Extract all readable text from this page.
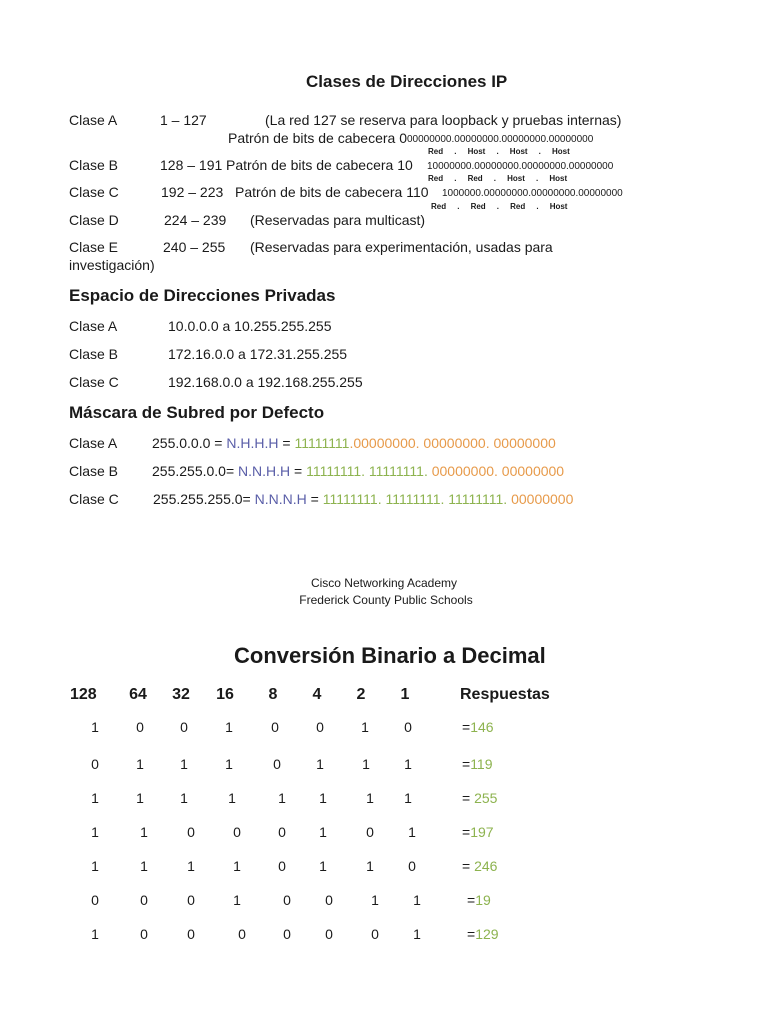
Clases de Direcciones IP
Clase A	1 – 127	(La red 127 se reserva para loopback y pruebas internas)
Patrón de bits de cabecera 0 00000000.00000000.00000000.00000000
Red     .     Host     .     Host     .     Host
Clase B	128 – 191 Patrón de bits de cabecera 10 10000000.00000000.00000000.00000000
Red     .     Red     .     Host     .     Host
Clase C	192 – 223 Patrón de bits de cabecera 110 1000000.00000000.00000000.00000000
Red     .     Red     .     Red     .     Host
Clase D	224 – 239 (Reservadas para multicast)
Clase E	240 – 255 (Reservadas para experimentación, usadas para
investigación)
Espacio de Direcciones Privadas
Clase A	10.0.0.0 a 10.255.255.255
Clase B	172.16.0.0 a 172.31.255.255
Clase C	192.168.0.0 a 192.168.255.255
Máscara de Subred por Defecto
Clase A 255.0.0.0 = N.H.H.H = 11111111.00000000. 00000000. 00000000
Clase B 255.255.0.0= N.N.H.H = 11111111. 11111111. 00000000. 00000000
Clase C 255.255.255.0= N.N.N.H = 11111111. 11111111. 11111111. 00000000
Cisco Networking Academy
Frederick County Public Schools
Conversión Binario a Decimal
128 64 32 16	8	4	2	1	Respuestas
1	0	0	1	0	0	1	0	=146
0	1	1	1	0	1	1	1	=119
1	1	1	1	1	1	1	1	= 255
1	1	0	0	0	1	0	1	=197
1	1	1	1	0	1	1	0	= 246
0	0	0	1	0	0	1	1	=19
1	0	0	0	0	0	0	1	=129
